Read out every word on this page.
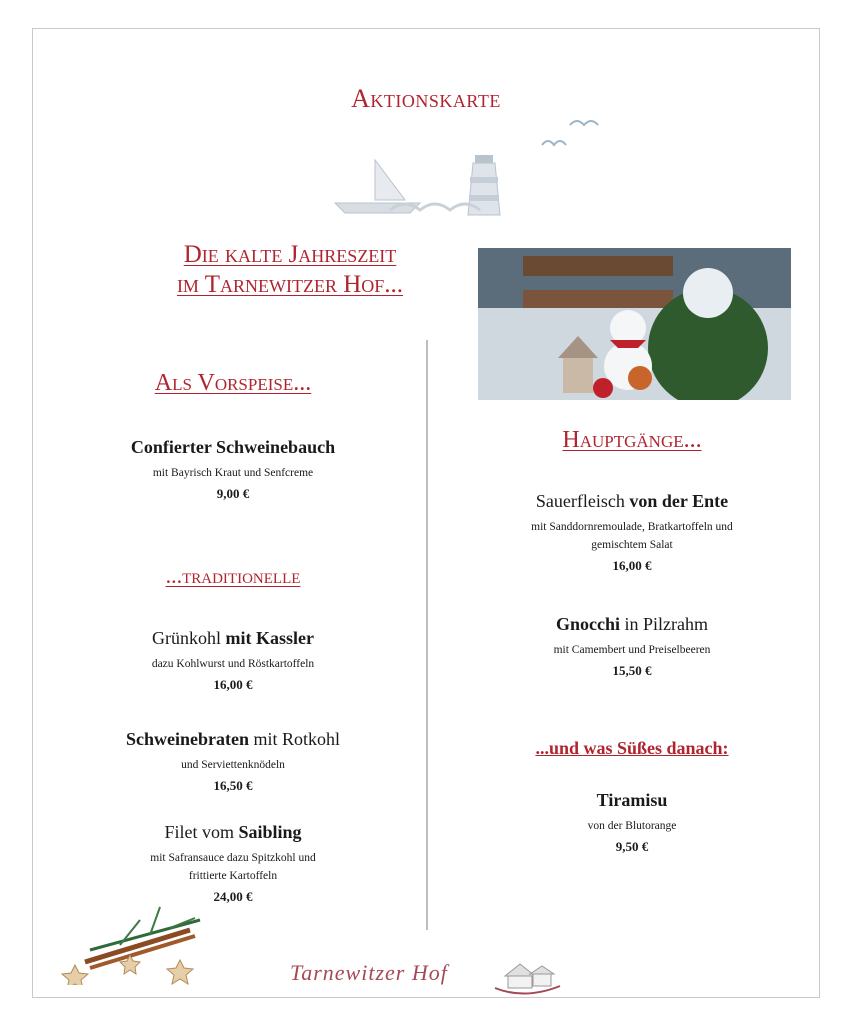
Aktionskarte
Die kalte Jahreszeit
im Tarnewitzer Hof...
Als Vorspeise...
Confierter Schweinebauch
mit Bayrisch Kraut und Senfcreme
9,00 €
...traditionelle
Grünkohl mit Kassler
dazu Kohlwurst und Röstkartoffeln
16,00 €
Schweinebraten mit Rotkohl
und Serviettenknödeln
16,50 €
Filet vom Saibling
mit Safransauce dazu Spitzkohl und
frittierte Kartoffeln
24,00 €
Hauptgänge...
Sauerfleisch von der Ente
mit Sanddornremoulade, Bratkartoffeln und
gemischtem Salat
16,00 €
Gnocchi in Pilzrahm
mit Camembert und Preiselbeeren
15,50 €
...und was Süßes danach:
Tiramisu
von der Blutorange
9,50 €
Tarnewitzer Hof
